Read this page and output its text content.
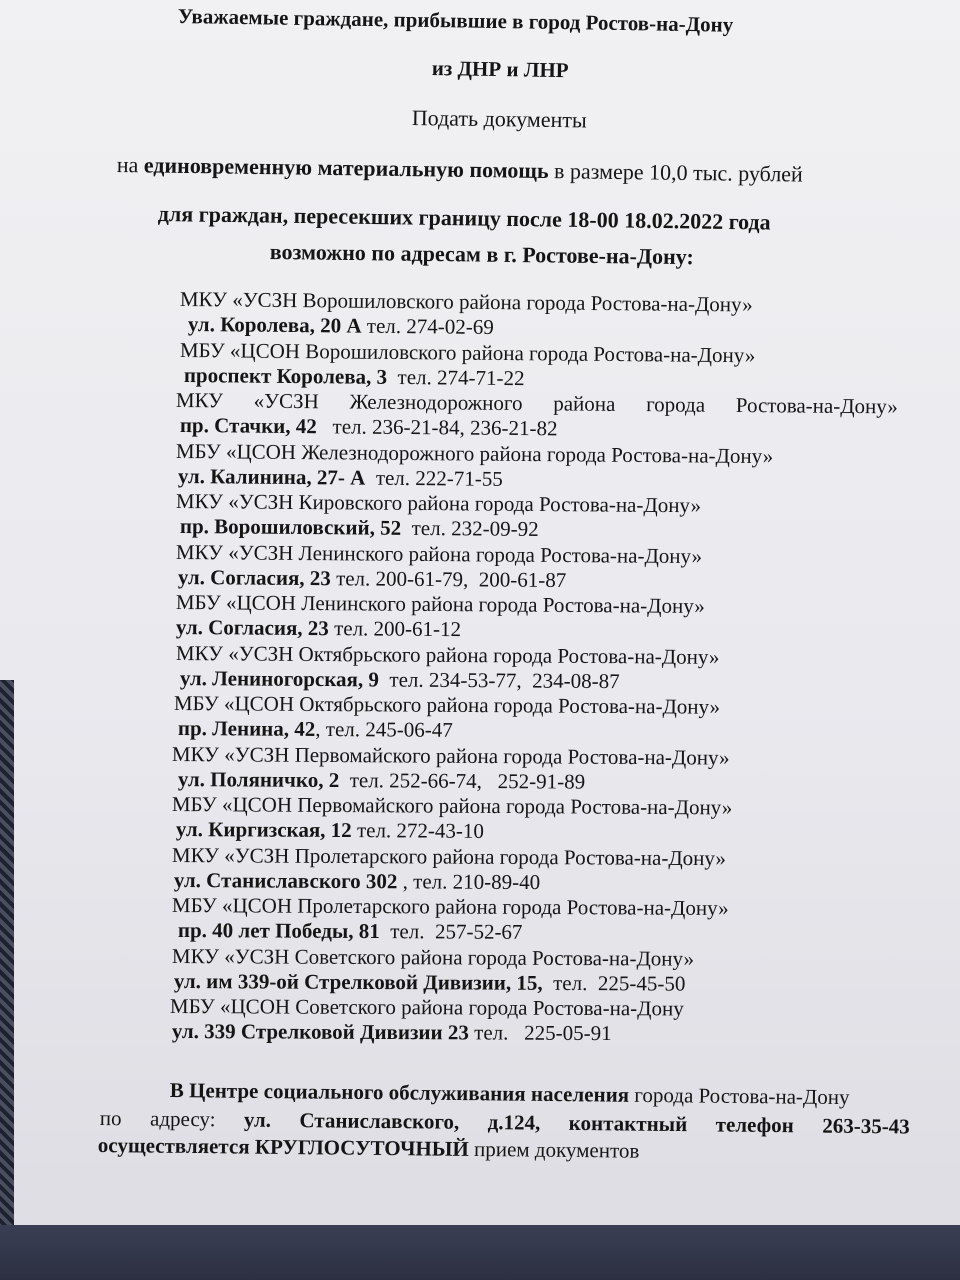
Уважаемые граждане, прибывшие в город Ростов-на-Дону
из ДНР и ЛНР
Подать документы
на единовременную материальную помощь в размере 10,0 тыс. рублей
для граждан, пересекших границу после 18-00 18.02.2022 года
возможно по адресам в г. Ростове-на-Дону:
МКУ «УСЗН Ворошиловского района города Ростова-на-Дону»
ул. Королева, 20 А тел. 274-02-69
МБУ «ЦСОН Ворошиловского района города Ростова-на-Дону»
проспект Королева, 3  тел. 274-71-22
МКУ «УСЗН Железнодорожного района города Ростова-на-Дону»
пр. Стачки, 42   тел. 236-21-84, 236-21-82
МБУ «ЦСОН Железнодорожного района города Ростова-на-Дону»
ул. Калинина, 27- А  тел. 222-71-55
МКУ «УСЗН Кировского района города Ростова-на-Дону»
пр. Ворошиловский, 52  тел. 232-09-92
МКУ «УСЗН Ленинского района города Ростова-на-Дону»
ул. Согласия, 23 тел. 200-61-79,  200-61-87
МБУ «ЦСОН Ленинского района города Ростова-на-Дону»
ул. Согласия, 23 тел. 200-61-12
МКУ «УСЗН Октябрьского района города Ростова-на-Дону»
ул. Лениногорская, 9  тел. 234-53-77,  234-08-87
МБУ «ЦСОН Октябрьского района города Ростова-на-Дону»
пр. Ленина, 42, тел. 245-06-47
МКУ «УСЗН Первомайского района города Ростова-на-Дону»
ул. Поляничко, 2  тел. 252-66-74,   252-91-89
МБУ «ЦСОН Первомайского района города Ростова-на-Дону»
ул. Киргизская, 12 тел. 272-43-10
МКУ «УСЗН Пролетарского района города Ростова-на-Дону»
ул. Станиславского 302 , тел. 210-89-40
МБУ «ЦСОН Пролетарского района города Ростова-на-Дону»
пр. 40 лет Победы, 81  тел.  257-52-67
МКУ «УСЗН Советского района города Ростова-на-Дону»
ул. им 339-ой Стрелковой Дивизии, 15,  тел.  225-45-50
МБУ «ЦСОН Советского района города Ростова-на-Дону
ул. 339 Стрелковой Дивизии 23 тел.   225-05-91
В Центре социального обслуживания населения города Ростова-на-Дону
по адресу: ул. Станиславского, д.124, контактный телефон 263-35-43
осуществляется КРУГЛОСУТОЧНЫЙ прием документов
